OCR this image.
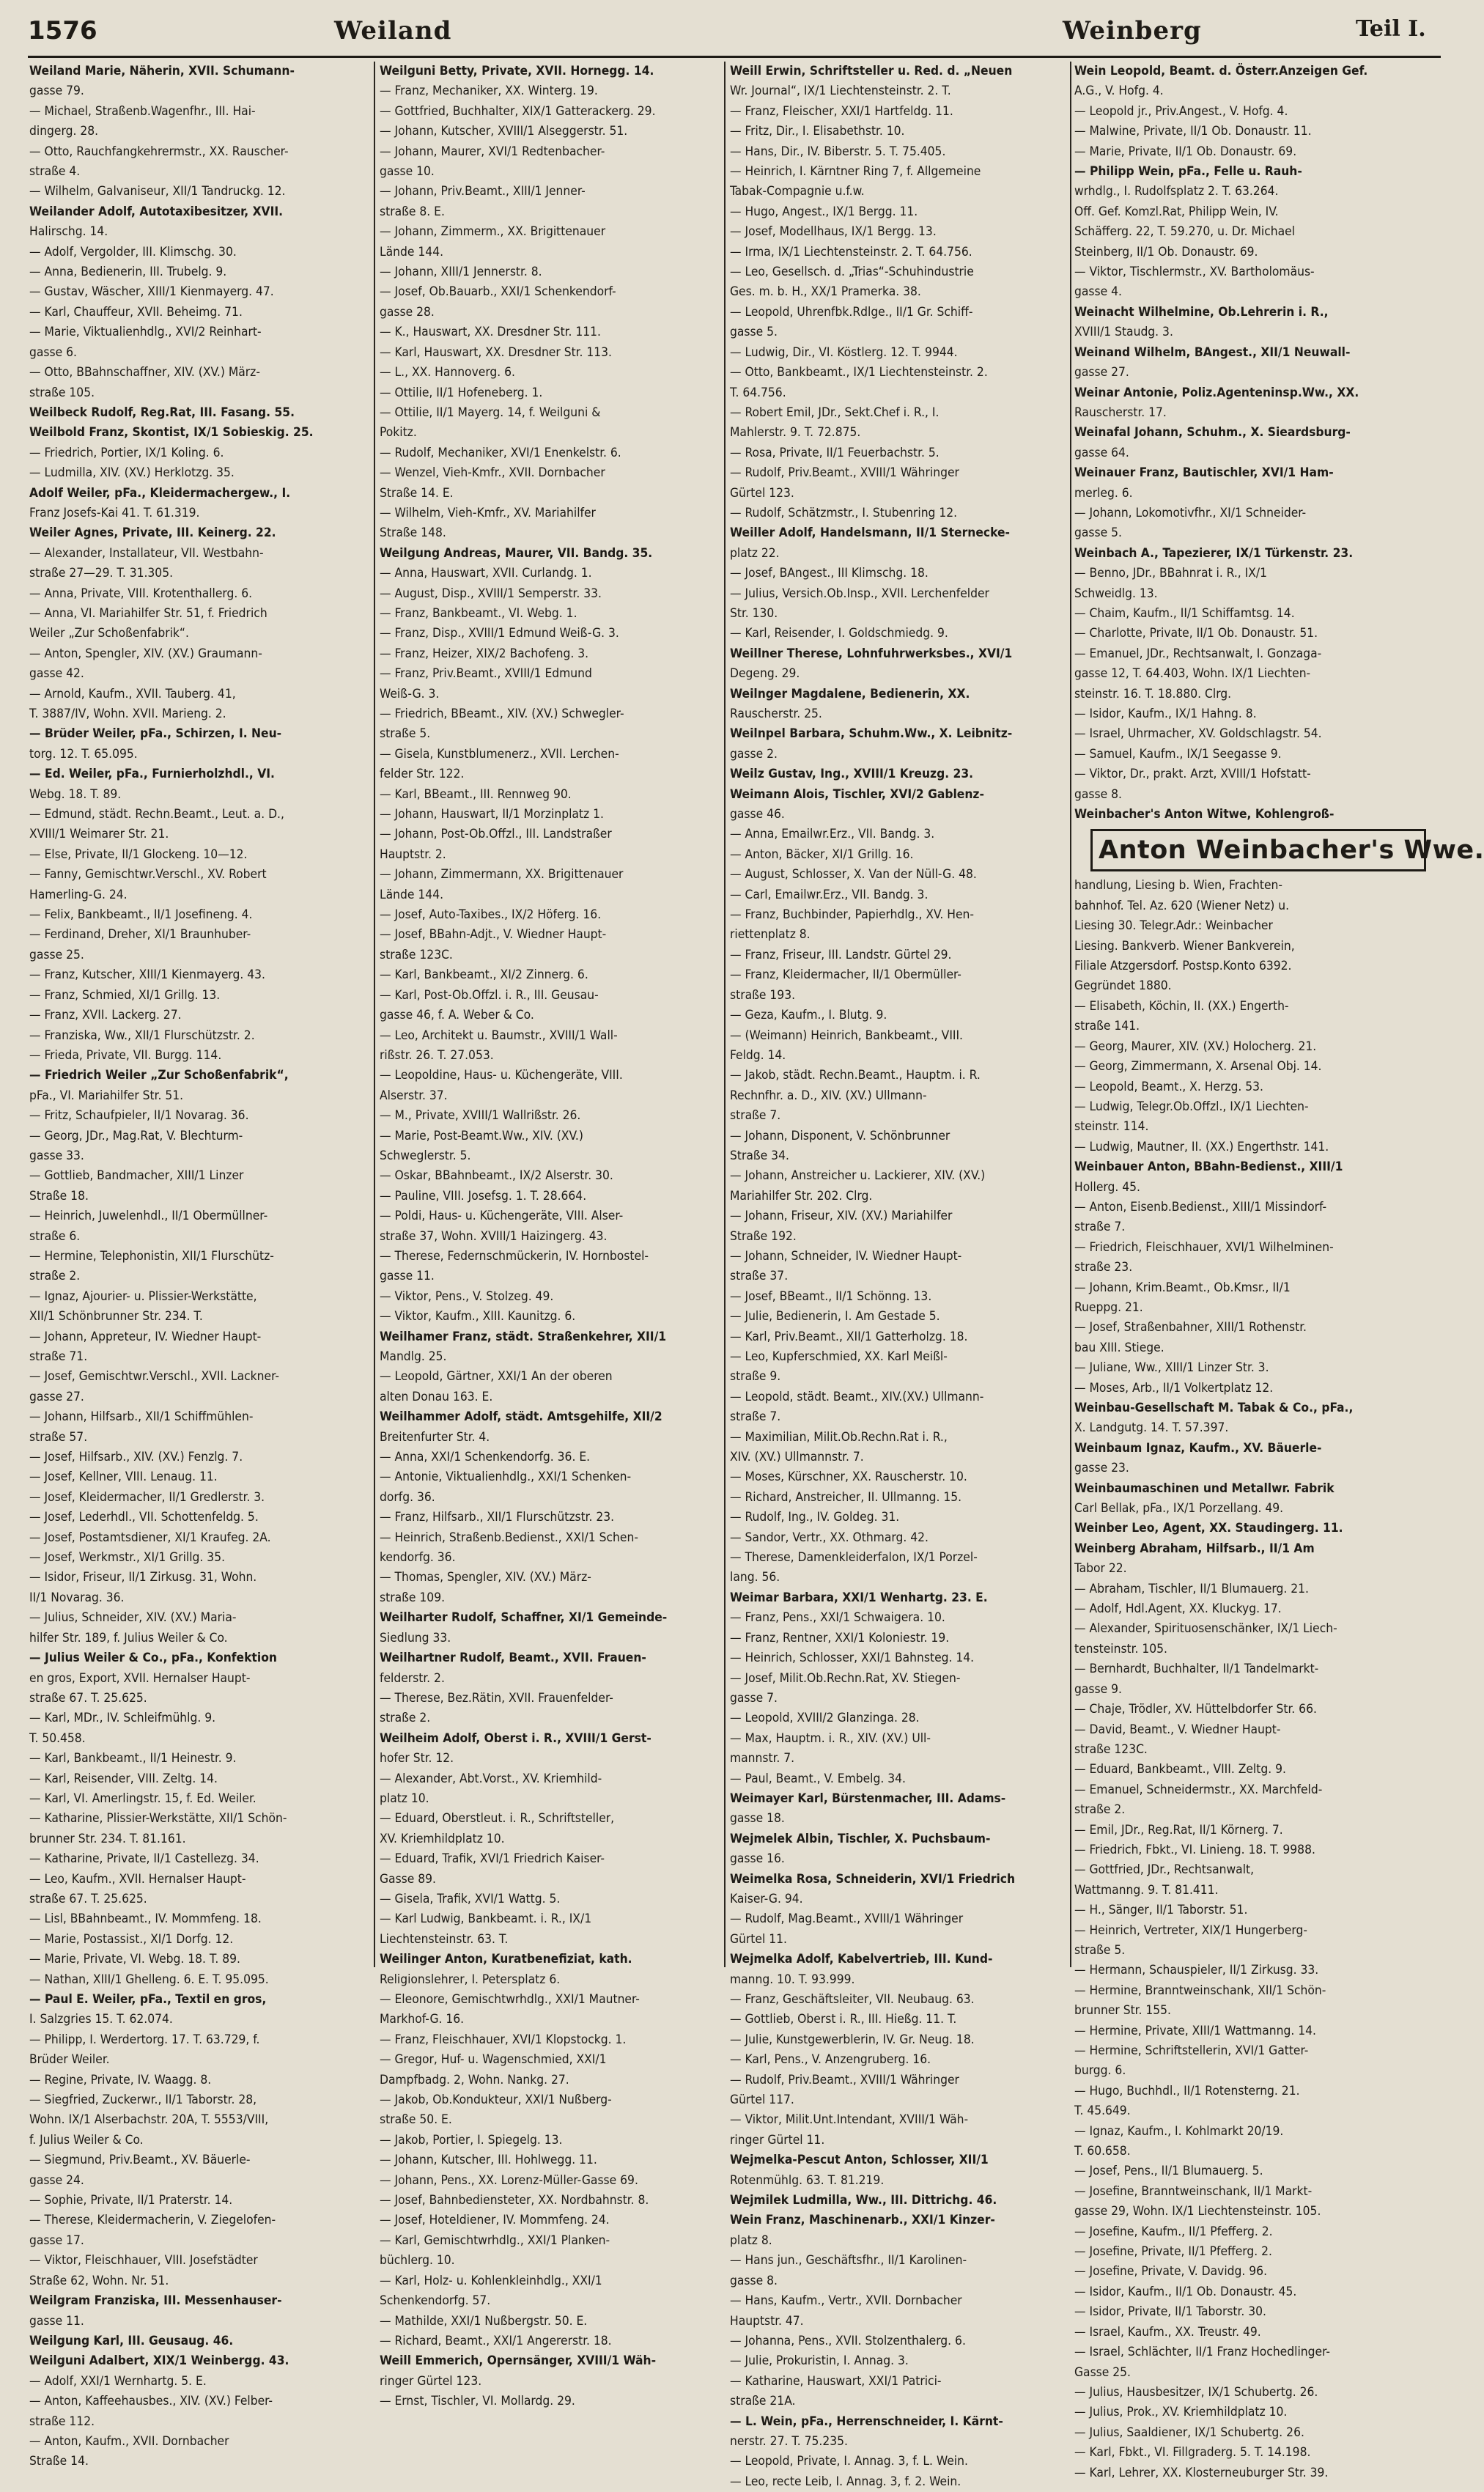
1576	Weiland	Weinberg	Teil I.
Weiland Marie, Näherin, XVII. Schumann-
gasse 79.
— Michael, Straßenb.Wagenfhr., III. Hai-
dingerg. 28.
— Otto, Rauchfangkehrermstr., XX. Rauscher-
straße 4.
— Wilhelm, Galvaniseur, XII/1 Tandruckg. 12.
Weilander Adolf, Autotaxibesitzer, XVII.
Halirschg. 14.
— Adolf, Vergolder, III. Klimschg. 30.
— Anna, Bedienerin, III. Trubelg. 9.
— Gustav, Wäscher, XIII/1 Kienmayerg. 47.
— Karl, Chauffeur, XVII. Beheimg. 71.
— Marie, Viktualienhdlg., XVI/2 Reinhart-
gasse 6.
— Otto, BBahnschaffner, XIV. (XV.) März-
straße 105.
Weilbeck Rudolf, Reg.Rat, III. Fasang. 55.
Weilbold Franz, Skontist, IX/1 Sobieskig. 25.
— Friedrich, Portier, IX/1 Koling. 6.
— Ludmilla, XIV. (XV.) Herklotzg. 35.
Adolf Weiler, pFa., Kleidermachergew., I.
Franz Josefs-Kai 41. T. 61.319.
Weiler Agnes, Private, III. Keinerg. 22.
— Alexander, Installateur, VII. Westbahn-
straße 27—29. T. 31.305.
— Anna, Private, VIII. Krotenthallerg. 6.
— Anna, VI. Mariahilfer Str. 51, f. Friedrich
Weiler „Zur Schoßenfabrik“.
— Anton, Spengler, XIV. (XV.) Graumann-
gasse 42.
— Arnold, Kaufm., XVII. Tauberg. 41,
T. 3887/IV, Wohn. XVII. Marieng. 2.
— Brüder Weiler, pFa., Schirzen, I. Neu-
torg. 12. T. 65.095.
— Ed. Weiler, pFa., Furnierholzhdl., VI.
Webg. 18. T. 89.
— Edmund, städt. Rechn.Beamt., Leut. a. D.,
XVIII/1 Weimarer Str. 21.
— Else, Private, II/1 Glockeng. 10—12.
— Fanny, Gemischtwr.Verschl., XV. Robert
Hamerling-G. 24.
— Felix, Bankbeamt., II/1 Josefineng. 4.
— Ferdinand, Dreher, XI/1 Braunhuber-
gasse 25.
— Franz, Kutscher, XIII/1 Kienmayerg. 43.
— Franz, Schmied, XI/1 Grillg. 13.
— Franz, XVII. Lackerg. 27.
— Franziska, Ww., XII/1 Flurschützstr. 2.
— Frieda, Private, VII. Burgg. 114.
— Friedrich Weiler „Zur Schoßenfabrik“,
pFa., VI. Mariahilfer Str. 51.
— Fritz, Schaufpieler, II/1 Novarag. 36.
— Georg, JDr., Mag.Rat, V. Blechturm-
gasse 33.
— Gottlieb, Bandmacher, XIII/1 Linzer
Straße 18.
— Heinrich, Juwelenhdl., II/1 Obermüllner-
straße 6.
— Hermine, Telephonistin, XII/1 Flurschütz-
straße 2.
— Ignaz, Ajourier- u. Plissier-Werkstätte,
XII/1 Schönbrunner Str. 234. T.
— Johann, Appreteur, IV. Wiedner Haupt-
straße 71.
— Josef, Gemischtwr.Verschl., XVII. Lackner-
gasse 27.
— Johann, Hilfsarb., XII/1 Schiffmühlen-
straße 57.
— Josef, Hilfsarb., XIV. (XV.) Fenzlg. 7.
— Josef, Kellner, VIII. Lenaug. 11.
— Josef, Kleidermacher, II/1 Gredlerstr. 3.
— Josef, Lederhdl., VII. Schottenfeldg. 5.
— Josef, Postamtsdiener, XI/1 Kraufeg. 2A.
— Josef, Werkmstr., XI/1 Grillg. 35.
— Isidor, Friseur, II/1 Zirkusg. 31, Wohn.
II/1 Novarag. 36.
— Julius, Schneider, XIV. (XV.) Maria-
hilfer Str. 189, f. Julius Weiler & Co.
— Julius Weiler & Co., pFa., Konfektion
en gros, Export, XVII. Hernalser Haupt-
straße 67. T. 25.625.
— Karl, MDr., IV. Schleifmühlg. 9.
T. 50.458.
— Karl, Bankbeamt., II/1 Heinestr. 9.
— Karl, Reisender, VIII. Zeltg. 14.
— Karl, VI. Amerlingstr. 15, f. Ed. Weiler.
— Katharine, Plissier-Werkstätte, XII/1 Schön-
brunner Str. 234. T. 81.161.
— Katharine, Private, II/1 Castellezg. 34.
— Leo, Kaufm., XVII. Hernalser Haupt-
straße 67. T. 25.625.
— Lisl, BBahnbeamt., IV. Mommfeng. 18.
— Marie, Postassist., XI/1 Dorfg. 12.
— Marie, Private, VI. Webg. 18. T. 89.
— Nathan, XIII/1 Ghelleng. 6. E. T. 95.095.
— Paul E. Weiler, pFa., Textil en gros,
I. Salzgries 15. T. 62.074.
— Philipp, I. Werdertorg. 17. T. 63.729, f.
Brüder Weiler.
— Regine, Private, IV. Waagg. 8.
— Siegfried, Zuckerwr., II/1 Taborstr. 28,
Wohn. IX/1 Alserbachstr. 20A, T. 5553/VIII,
f. Julius Weiler & Co.
— Siegmund, Priv.Beamt., XV. Bäuerle-
gasse 24.
— Sophie, Private, II/1 Praterstr. 14.
— Therese, Kleidermacherin, V. Ziegelofen-
gasse 17.
— Viktor, Fleischhauer, VIII. Josefstädter
Straße 62, Wohn. Nr. 51.
Weilgram Franziska, III. Messenhauser-
gasse 11.
Weilgung Karl, III. Geusaug. 46.
Weilguni Adalbert, XIX/1 Weinbergg. 43.
— Adolf, XXI/1 Wernhartg. 5. E.
— Anton, Kaffeehausbes., XIV. (XV.) Felber-
straße 112.
— Anton, Kaufm., XVII. Dornbacher
Straße 14.
Weilguni Betty, Private, XVII. Hornegg. 14.
— Franz, Mechaniker, XX. Winterg. 19.
— Gottfried, Buchhalter, XIX/1 Gatterackerg. 29.
— Johann, Kutscher, XVIII/1 Alseggerstr. 51.
— Johann, Maurer, XVI/1 Redtenbacher-
gasse 10.
— Johann, Priv.Beamt., XIII/1 Jenner-
straße 8. E.
— Johann, Zimmerm., XX. Brigittenauer
Lände 144.
— Johann, XIII/1 Jennerstr. 8.
— Josef, Ob.Bauarb., XXI/1 Schenkendorf-
gasse 28.
— K., Hauswart, XX. Dresdner Str. 111.
— Karl, Hauswart, XX. Dresdner Str. 113.
— L., XX. Hannoverg. 6.
— Ottilie, II/1 Hofeneberg. 1.
— Ottilie, II/1 Mayerg. 14, f. Weilguni &
Pokitz.
— Rudolf, Mechaniker, XVI/1 Enenkelstr. 6.
— Wenzel, Vieh-Kmfr., XVII. Dornbacher
Straße 14. E.
— Wilhelm, Vieh-Kmfr., XV. Mariahilfer
Straße 148.
Weilgung Andreas, Maurer, VII. Bandg. 35.
— Anna, Hauswart, XVII. Curlandg. 1.
— August, Disp., XVIII/1 Semperstr. 33.
— Franz, Bankbeamt., VI. Webg. 1.
— Franz, Disp., XVIII/1 Edmund Weiß-G. 3.
— Franz, Heizer, XIX/2 Bachofeng. 3.
— Franz, Priv.Beamt., XVIII/1 Edmund
Weiß-G. 3.
— Friedrich, BBeamt., XIV. (XV.) Schwegler-
straße 5.
— Gisela, Kunstblumenerz., XVII. Lerchen-
felder Str. 122.
— Karl, BBeamt., III. Rennweg 90.
— Johann, Hauswart, II/1 Morzinplatz 1.
— Johann, Post-Ob.Offzl., III. Landstraßer
Hauptstr. 2.
— Johann, Zimmermann, XX. Brigittenauer
Lände 144.
— Josef, Auto-Taxibes., IX/2 Höferg. 16.
— Josef, BBahn-Adjt., V. Wiedner Haupt-
straße 123C.
— Karl, Bankbeamt., XI/2 Zinnerg. 6.
— Karl, Post-Ob.Offzl. i. R., III. Geusau-
gasse 46, f. A. Weber & Co.
— Leo, Architekt u. Baumstr., XVIII/1 Wall-
rißstr. 26. T. 27.053.
— Leopoldine, Haus- u. Küchengeräte, VIII.
Alserstr. 37.
— M., Private, XVIII/1 Wallrißstr. 26.
— Marie, Post-Beamt.Ww., XIV. (XV.)
Schweglerstr. 5.
— Oskar, BBahnbeamt., IX/2 Alserstr. 30.
— Pauline, VIII. Josefsg. 1. T. 28.664.
— Poldi, Haus- u. Küchengeräte, VIII. Alser-
straße 37, Wohn. XVIII/1 Haizingerg. 43.
— Therese, Federnschmückerin, IV. Hornbostel-
gasse 11.
— Viktor, Pens., V. Stolzeg. 49.
— Viktor, Kaufm., XIII. Kaunitzg. 6.
Weilhamer Franz, städt. Straßenkehrer, XII/1
Mandlg. 25.
— Leopold, Gärtner, XXI/1 An der oberen
alten Donau 163. E.
Weilhammer Adolf, städt. Amtsgehilfe, XII/2
Breitenfurter Str. 4.
— Anna, XXI/1 Schenkendorfg. 36. E.
— Antonie, Viktualienhdlg., XXI/1 Schenken-
dorfg. 36.
— Franz, Hilfsarb., XII/1 Flurschützstr. 23.
— Heinrich, Straßenb.Bedienst., XXI/1 Schen-
kendorfg. 36.
— Thomas, Spengler, XIV. (XV.) März-
straße 109.
Weilharter Rudolf, Schaffner, XI/1 Gemeinde-
Siedlung 33.
Weilhartner Rudolf, Beamt., XVII. Frauen-
felderstr. 2.
— Therese, Bez.Rätin, XVII. Frauenfelder-
straße 2.
Weilheim Adolf, Oberst i. R., XVIII/1 Gerst-
hofer Str. 12.
— Alexander, Abt.Vorst., XV. Kriemhild-
platz 10.
— Eduard, Oberstleut. i. R., Schriftsteller,
XV. Kriemhildplatz 10.
— Eduard, Trafik, XVI/1 Friedrich Kaiser-
Gasse 89.
— Gisela, Trafik, XVI/1 Wattg. 5.
— Karl Ludwig, Bankbeamt. i. R., IX/1
Liechtensteinstr. 63. T.
Weilinger Anton, Kuratbenefiziat, kath.
Religionslehrer, I. Petersplatz 6.
— Eleonore, Gemischtwrhdlg., XXI/1 Mautner-
Markhof-G. 16.
— Franz, Fleischhauer, XVI/1 Klopstockg. 1.
— Gregor, Huf- u. Wagenschmied, XXI/1
Dampfbadg. 2, Wohn. Nankg. 27.
— Jakob, Ob.Kondukteur, XXI/1 Nußberg-
straße 50. E.
— Jakob, Portier, I. Spiegelg. 13.
— Johann, Kutscher, III. Hohlwegg. 11.
— Johann, Pens., XX. Lorenz-Müller-Gasse 69.
— Josef, Bahnbediensteter, XX. Nordbahnstr. 8.
— Josef, Hoteldiener, IV. Mommfeng. 24.
— Karl, Gemischtwrhdlg., XXI/1 Planken-
büchlerg. 10.
— Karl, Holz- u. Kohlenkleinhdlg., XXI/1
Schenkendorfg. 57.
— Mathilde, XXI/1 Nußbergstr. 50. E.
— Richard, Beamt., XXI/1 Angererstr. 18.
Weill Emmerich, Opernsänger, XVIII/1 Wäh-
ringer Gürtel 123.
— Ernst, Tischler, VI. Mollardg. 29.
Weill Erwin, Schriftsteller u. Red. d. „Neuen
Wr. Journal“, IX/1 Liechtensteinstr. 2. T.
— Franz, Fleischer, XXI/1 Hartfeldg. 11.
— Fritz, Dir., I. Elisabethstr. 10.
— Hans, Dir., IV. Biberstr. 5. T. 75.405.
— Heinrich, I. Kärntner Ring 7, f. Allgemeine
Tabak-Compagnie u.f.w.
— Hugo, Angest., IX/1 Bergg. 11.
— Josef, Modellhaus, IX/1 Bergg. 13.
— Irma, IX/1 Liechtensteinstr. 2. T. 64.756.
— Leo, Gesellsch. d. „Trias“-Schuhindustrie
Ges. m. b. H., XX/1 Pramerka. 38.
— Leopold, Uhrenfbk.Rdlge., II/1 Gr. Schiff-
gasse 5.
— Ludwig, Dir., VI. Köstlerg. 12. T. 9944.
— Otto, Bankbeamt., IX/1 Liechtensteinstr. 2.
T. 64.756.
— Robert Emil, JDr., Sekt.Chef i. R., I.
Mahlerstr. 9. T. 72.875.
— Rosa, Private, II/1 Feuerbachstr. 5.
— Rudolf, Priv.Beamt., XVIII/1 Währinger
Gürtel 123.
— Rudolf, Schätzmstr., I. Stubenring 12.
Weiller Adolf, Handelsmann, II/1 Sternecke-
platz 22.
— Josef, BAngest., III Klimschg. 18.
— Julius, Versich.Ob.Insp., XVII. Lerchenfelder
Str. 130.
— Karl, Reisender, I. Goldschmiedg. 9.
Weillner Therese, Lohnfuhrwerksbes., XVI/1
Degeng. 29.
Weilnger Magdalene, Bedienerin, XX.
Rauscherstr. 25.
Weilnpel Barbara, Schuhm.Ww., X. Leibnitz-
gasse 2.
Weilz Gustav, Ing., XVIII/1 Kreuzg. 23.
Weimann Alois, Tischler, XVI/2 Gablenz-
gasse 46.
— Anna, Emailwr.Erz., VII. Bandg. 3.
— Anton, Bäcker, XI/1 Grillg. 16.
— August, Schlosser, X. Van der Nüll-G. 48.
— Carl, Emailwr.Erz., VII. Bandg. 3.
— Franz, Buchbinder, Papierhdlg., XV. Hen-
riettenplatz 8.
— Franz, Friseur, III. Landstr. Gürtel 29.
— Franz, Kleidermacher, II/1 Obermüller-
straße 193.
— Geza, Kaufm., I. Blutg. 9.
— (Weimann) Heinrich, Bankbeamt., VIII.
Feldg. 14.
— Jakob, städt. Rechn.Beamt., Hauptm. i. R.
Rechnfhr. a. D., XIV. (XV.) Ullmann-
straße 7.
— Johann, Disponent, V. Schönbrunner
Straße 34.
— Johann, Anstreicher u. Lackierer, XIV. (XV.)
Mariahilfer Str. 202. Clrg.
— Johann, Friseur, XIV. (XV.) Mariahilfer
Straße 192.
— Johann, Schneider, IV. Wiedner Haupt-
straße 37.
— Josef, BBeamt., II/1 Schönng. 13.
— Julie, Bedienerin, I. Am Gestade 5.
— Karl, Priv.Beamt., XII/1 Gatterholzg. 18.
— Leo, Kupferschmied, XX. Karl Meißl-
straße 9.
— Leopold, städt. Beamt., XIV.(XV.) Ullmann-
straße 7.
— Maximilian, Milit.Ob.Rechn.Rat i. R.,
XIV. (XV.) Ullmannstr. 7.
— Moses, Kürschner, XX. Rauscherstr. 10.
— Richard, Anstreicher, II. Ullmanng. 15.
— Rudolf, Ing., IV. Goldeg. 31.
— Sandor, Vertr., XX. Othmarg. 42.
— Therese, Damenkleiderfalon, IX/1 Porzel-
lang. 56.
Weimar Barbara, XXI/1 Wenhartg. 23. E.
— Franz, Pens., XXI/1 Schwaigera. 10.
— Franz, Rentner, XXI/1 Koloniestr. 19.
— Heinrich, Schlosser, XXI/1 Bahnsteg. 14.
— Josef, Milit.Ob.Rechn.Rat, XV. Stiegen-
gasse 7.
— Leopold, XVIII/2 Glanzinga. 28.
— Max, Hauptm. i. R., XIV. (XV.) Ull-
mannstr. 7.
— Paul, Beamt., V. Embelg. 34.
Weimayer Karl, Bürstenmacher, III. Adams-
gasse 18.
Wejmelek Albin, Tischler, X. Puchsbaum-
gasse 16.
Weimelka Rosa, Schneiderin, XVI/1 Friedrich
Kaiser-G. 94.
— Rudolf, Mag.Beamt., XVIII/1 Währinger
Gürtel 11.
Wejmelka Adolf, Kabelvertrieb, III. Kund-
manng. 10. T. 93.999.
— Franz, Geschäftsleiter, VII. Neubaug. 63.
— Gottlieb, Oberst i. R., III. Hießg. 11. T.
— Julie, Kunstgewerblerin, IV. Gr. Neug. 18.
— Karl, Pens., V. Anzengruberg. 16.
— Rudolf, Priv.Beamt., XVIII/1 Währinger
Gürtel 117.
— Viktor, Milit.Unt.Intendant, XVIII/1 Wäh-
ringer Gürtel 11.
Wejmelka-Pescut Anton, Schlosser, XII/1
Rotenmühlg. 63. T. 81.219.
Wejmilek Ludmilla, Ww., III. Dittrichg. 46.
Wein Franz, Maschinenarb., XXI/1 Kinzer-
platz 8.
— Hans jun., Geschäftsfhr., II/1 Karolinen-
gasse 8.
— Hans, Kaufm., Vertr., XVII. Dornbacher
Hauptstr. 47.
— Johanna, Pens., XVII. Stolzenthalerg. 6.
— Julie, Prokuristin, I. Annag. 3.
— Katharine, Hauswart, XXI/1 Patrici-
straße 21A.
— L. Wein, pFa., Herrenschneider, I. Kärnt-
nerstr. 27. T. 75.235.
— Leopold, Private, I. Annag. 3, f. L. Wein.
— Leo, recte Leib, I. Annag. 3, f. 2. Wein.
Wein Leopold, Beamt. d. Österr.Anzeigen Gef.
A.G., V. Hofg. 4.
— Leopold jr., Priv.Angest., V. Hofg. 4.
— Malwine, Private, II/1 Ob. Donaustr. 11.
— Marie, Private, II/1 Ob. Donaustr. 69.
— Philipp Wein, pFa., Felle u. Rauh-
wrhdlg., I. Rudolfsplatz 2. T. 63.264.
Off. Gef. Komzl.Rat, Philipp Wein, IV.
Schäfferg. 22, T. 59.270, u. Dr. Michael
Steinberg, II/1 Ob. Donaustr. 69.
— Viktor, Tischlermstr., XV. Bartholomäus-
gasse 4.
Weinacht Wilhelmine, Ob.Lehrerin i. R.,
XVIII/1 Staudg. 3.
Weinand Wilhelm, BAngest., XII/1 Neuwall-
gasse 27.
Weinar Antonie, Poliz.Agenteninsp.Ww., XX.
Rauscherstr. 17.
Weinafal Johann, Schuhm., X. Sieardsburg-
gasse 64.
Weinauer Franz, Bautischler, XVI/1 Ham-
merleg. 6.
— Johann, Lokomotivfhr., XI/1 Schneider-
gasse 5.
Weinbach A., Tapezierer, IX/1 Türkenstr. 23.
— Benno, JDr., BBahnrat i. R., IX/1
Schweidlg. 13.
— Chaim, Kaufm., II/1 Schiffamtsg. 14.
— Charlotte, Private, II/1 Ob. Donaustr. 51.
— Emanuel, JDr., Rechtsanwalt, I. Gonzaga-
gasse 12, T. 64.403, Wohn. IX/1 Liechten-
steinstr. 16. T. 18.880. Clrg.
— Isidor, Kaufm., IX/1 Hahng. 8.
— Israel, Uhrmacher, XV. Goldschlagstr. 54.
— Samuel, Kaufm., IX/1 Seegasse 9.
— Viktor, Dr., prakt. Arzt, XVIII/1 Hofstatt-
gasse 8.
Weinbacher's Anton Witwe, Kohlengroß-
Anton Weinbacher's Wwe.
handlung, Liesing b. Wien, Frachten-
bahnhof. Tel. Az. 620 (Wiener Netz) u.
Liesing 30. Telegr.Adr.: Weinbacher
Liesing. Bankverb. Wiener Bankverein,
Filiale Atzgersdorf. Postsp.Konto 6392.
Gegründet 1880.
— Elisabeth, Köchin, II. (XX.) Engerth-
straße 141.
— Georg, Maurer, XIV. (XV.) Holocherg. 21.
— Georg, Zimmermann, X. Arsenal Obj. 14.
— Leopold, Beamt., X. Herzg. 53.
— Ludwig, Telegr.Ob.Offzl., IX/1 Liechten-
steinstr. 114.
— Ludwig, Mautner, II. (XX.) Engerthstr. 141.
Weinbauer Anton, BBahn-Bedienst., XIII/1
Hollerg. 45.
— Anton, Eisenb.Bedienst., XIII/1 Missindorf-
straße 7.
— Friedrich, Fleischhauer, XVI/1 Wilhelminen-
straße 23.
— Johann, Krim.Beamt., Ob.Kmsr., II/1
Rueppg. 21.
— Josef, Straßenbahner, XIII/1 Rothenstr.
bau XIII. Stiege.
— Juliane, Ww., XIII/1 Linzer Str. 3.
— Moses, Arb., II/1 Volkertplatz 12.
Weinbau-Gesellschaft M. Tabak & Co., pFa.,
X. Landgutg. 14. T. 57.397.
Weinbaum Ignaz, Kaufm., XV. Bäuerle-
gasse 23.
Weinbaumaschinen und Metallwr. Fabrik
Carl Bellak, pFa., IX/1 Porzellang. 49.
Weinber Leo, Agent, XX. Staudingerg. 11.
Weinberg Abraham, Hilfsarb., II/1 Am
Tabor 22.
— Abraham, Tischler, II/1 Blumauerg. 21.
— Adolf, Hdl.Agent, XX. Kluckyg. 17.
— Alexander, Spirituosenschänker, IX/1 Liech-
tensteinstr. 105.
— Bernhardt, Buchhalter, II/1 Tandelmarkt-
gasse 9.
— Chaje, Trödler, XV. Hüttelbdorfer Str. 66.
— David, Beamt., V. Wiedner Haupt-
straße 123C.
— Eduard, Bankbeamt., VIII. Zeltg. 9.
— Emanuel, Schneidermstr., XX. Marchfeld-
straße 2.
— Emil, JDr., Reg.Rat, II/1 Körnerg. 7.
— Friedrich, Fbkt., VI. Linieng. 18. T. 9988.
— Gottfried, JDr., Rechtsanwalt,
Wattmanng. 9. T. 81.411.
— H., Sänger, II/1 Taborstr. 51.
— Heinrich, Vertreter, XIX/1 Hungerberg-
straße 5.
— Hermann, Schauspieler, II/1 Zirkusg. 33.
— Hermine, Branntweinschank, XII/1 Schön-
brunner Str. 155.
— Hermine, Private, XIII/1 Wattmanng. 14.
— Hermine, Schriftstellerin, XVI/1 Gatter-
burgg. 6.
— Hugo, Buchhdl., II/1 Rotensterng. 21.
T. 45.649.
— Ignaz, Kaufm., I. Kohlmarkt 20/19.
T. 60.658.
— Josef, Pens., II/1 Blumauerg. 5.
— Josefine, Branntweinschank, II/1 Markt-
gasse 29, Wohn. IX/1 Liechtensteinstr. 105.
— Josefine, Kaufm., II/1 Pfefferg. 2.
— Josefine, Private, II/1 Pfefferg. 2.
— Josefine, Private, V. Davidg. 96.
— Isidor, Kaufm., II/1 Ob. Donaustr. 45.
— Isidor, Private, II/1 Taborstr. 30.
— Israel, Kaufm., XX. Treustr. 49.
— Israel, Schlächter, II/1 Franz Hochedlinger-
Gasse 25.
— Julius, Hausbesitzer, IX/1 Schubertg. 26.
— Julius, Prok., XV. Kriemhildplatz 10.
— Julius, Saaldiener, IX/1 Schubertg. 26.
— Karl, Fbkt., VI. Fillgraderg. 5. T. 14.198.
— Karl, Lehrer, XX. Klosterneuburger Str. 39.
